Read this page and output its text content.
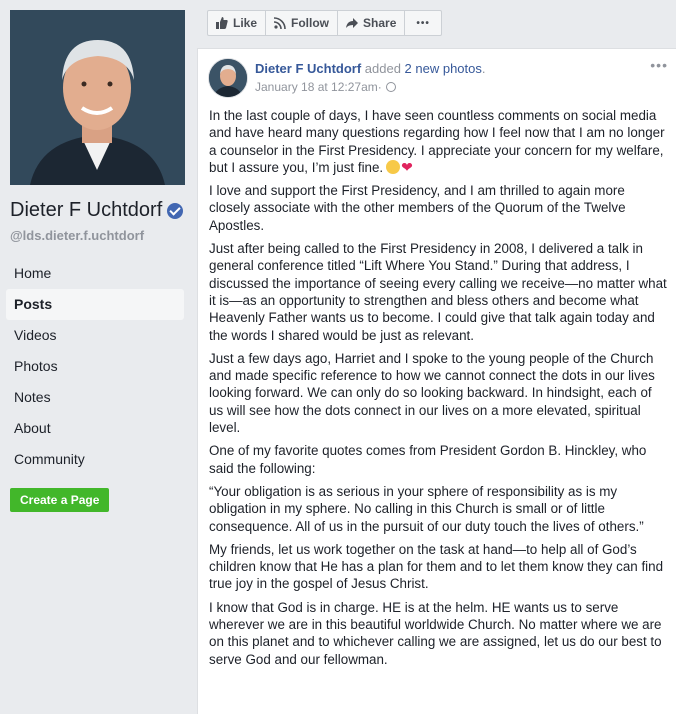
Dieter F Uchtdorf
@lds.dieter.f.uchtdorf
Home
Posts
Videos
Photos
Notes
About
Community
Create a Page
Like	Follow	Share	•••
Dieter F Uchtdorf added 2 new photos.
January 18 at 12:27am ·
•••

In the last couple of days, I have seen countless comments on social media and have heard many questions regarding how I feel now that I am no longer a counselor in the First Presidency. I appreciate your concern for my welfare, but I assure you, I’m just fine. ❤

I love and support the First Presidency, and I am thrilled to again more closely associate with the other members of the Quorum of the Twelve Apostles.

Just after being called to the First Presidency in 2008, I delivered a talk in general conference titled “Lift Where You Stand.” During that address, I discussed the importance of seeing every calling we receive—no matter what it is—as an opportunity to strengthen and bless others and become what Heavenly Father wants us to become. I could give that talk again today and the words I shared would be just as relevant.

Just a few days ago, Harriet and I spoke to the young people of the Church and made specific reference to how we cannot connect the dots in our lives looking forward. We can only do so looking backward. In hindsight, each of us will see how the dots connect in our lives on a more elevated, spiritual level.

One of my favorite quotes comes from President Gordon B. Hinckley, who said the following:

“Your obligation is as serious in your sphere of responsibility as is my obligation in my sphere. No calling in this Church is small or of little consequence. All of us in the pursuit of our duty touch the lives of others.”

My friends, let us work together on the task at hand—to help all of God’s children know that He has a plan for them and to let them know they can find true joy in the gospel of Jesus Christ.

I know that God is in charge. HE is at the helm. HE wants us to serve wherever we are in this beautiful worldwide Church. No matter where we are on this planet and to whichever calling we are assigned, let us do our best to serve God and our fellowman.
